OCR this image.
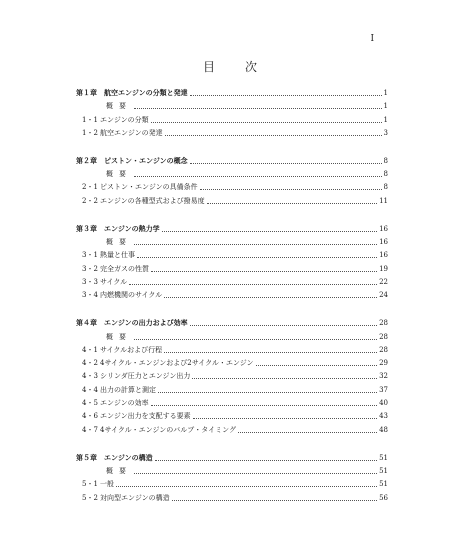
I
目次
第１章	航空エンジンの分類と発達	1
概要	1
1・1 エンジンの分類	1
1・2 航空エンジンの発達	3
第２章	ピストン・エンジンの概念	8
概要	8
2・1 ピストン・エンジンの具備条件	8
2・2 エンジンの各種型式および撥易度	11
第３章	エンジンの熱力学	16
概要	16
3・1 熱量と仕事	16
3・2 完全ガスの性質	19
3・3 サイクル	22
3・4 内燃機関のサイクル	24
第４章	エンジンの出力および効率	28
概要	28
4・1 サイクルおよび行程	28
4・2 4サイクル・エンジンおよび2サイクル・エンジン	29
4・3 シリンダ圧力とエンジン出力	32
4・4 出力の計算と測定	37
4・5 エンジンの効率	40
4・6 エンジン出力を支配する要素	43
4・7 4サイクル・エンジンのバルブ・タイミング	48
第５章	エンジンの構造	51
概要	51
5・1 一般	51
5・2 対向型エンジンの構造	56
